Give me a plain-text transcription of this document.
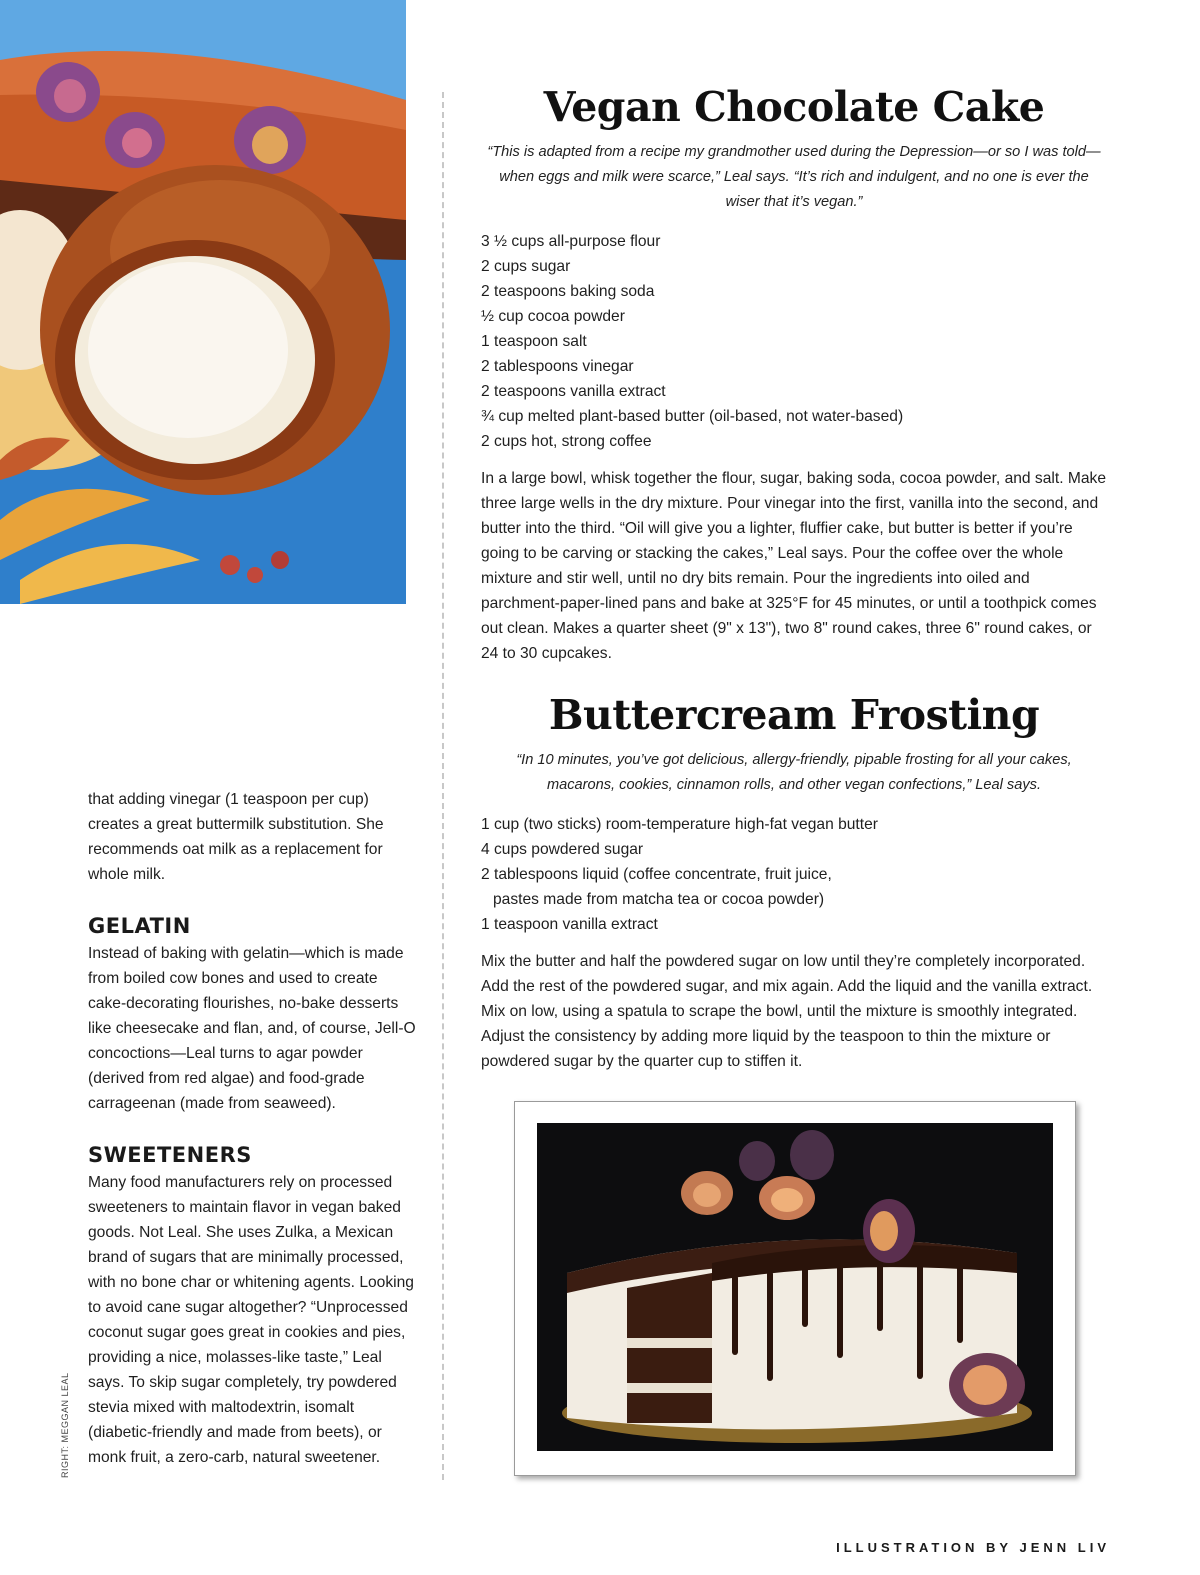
that adding vinegar (1 teaspoon per cup) creates a great buttermilk substitution. She recommends oat milk as a replacement for whole milk.

GELATIN

Instead of baking with gelatin—which is made from boiled cow bones and used to create cake-decorating flourishes, no-bake desserts like cheesecake and flan, and, of course, Jell-O concoctions—Leal turns to agar powder (derived from red algae) and food-grade carrageenan (made from seaweed).

SWEETENERS

Many food manufacturers rely on processed sweeteners to maintain flavor in vegan baked goods. Not Leal. She uses Zulka, a Mexican brand of sugars that are minimally processed, with no bone char or whitening agents. Looking to avoid cane sugar altogether? “Unprocessed coconut sugar goes great in cookies and pies, providing a nice, molasses-like taste,” Leal says. To skip sugar completely, try powdered stevia mixed with maltodextrin, isomalt (diabetic-friendly and made from beets), or monk fruit, a zero-carb, natural sweetener.

RIGHT: MEGGAN LEAL
Vegan Chocolate Cake

“This is adapted from a recipe my grandmother used during the Depression—or so I was told—when eggs and milk were scarce,” Leal says. “It’s rich and indulgent, and no one is ever the wiser that it’s vegan.”

3 ½ cups all-purpose flour
2 cups sugar
2 teaspoons baking soda
½ cup cocoa powder
1 teaspoon salt
2 tablespoons vinegar
2 teaspoons vanilla extract
¾ cup melted plant-based butter (oil-based, not water-based)
2 cups hot, strong coffee

In a large bowl, whisk together the flour, sugar, baking soda, cocoa powder, and salt. Make three large wells in the dry mixture. Pour vinegar into the first, vanilla into the second, and butter into the third. “Oil will give you a lighter, fluffier cake, but butter is better if you’re going to be carving or stacking the cakes,” Leal says. Pour the coffee over the whole mixture and stir well, until no dry bits remain. Pour the ingredients into oiled and parchment-paper-lined pans and bake at 325°F for 45 minutes, or until a toothpick comes out clean. Makes a quarter sheet (9" x 13"), two 8" round cakes, three 6" round cakes, or 24 to 30 cupcakes.

Buttercream Frosting

“In 10 minutes, you’ve got delicious, allergy-friendly, pipable frosting for all your cakes, macarons, cookies, cinnamon rolls, and other vegan confections,” Leal says.

1 cup (two sticks) room-temperature high-fat vegan butter
4 cups powdered sugar
2 tablespoons liquid (coffee concentrate, fruit juice,
pastes made from matcha tea or cocoa powder)
1 teaspoon vanilla extract

Mix the butter and half the powdered sugar on low until they’re completely incorporated. Add the rest of the powdered sugar, and mix again. Add the liquid and the vanilla extract. Mix on low, using a spatula to scrape the bowl, until the mixture is smoothly integrated. Adjust the consistency by adding more liquid by the teaspoon to thin the mixture or powdered sugar by the quarter cup to stiffen it.

ILLUSTRATION BY JENN LIV
